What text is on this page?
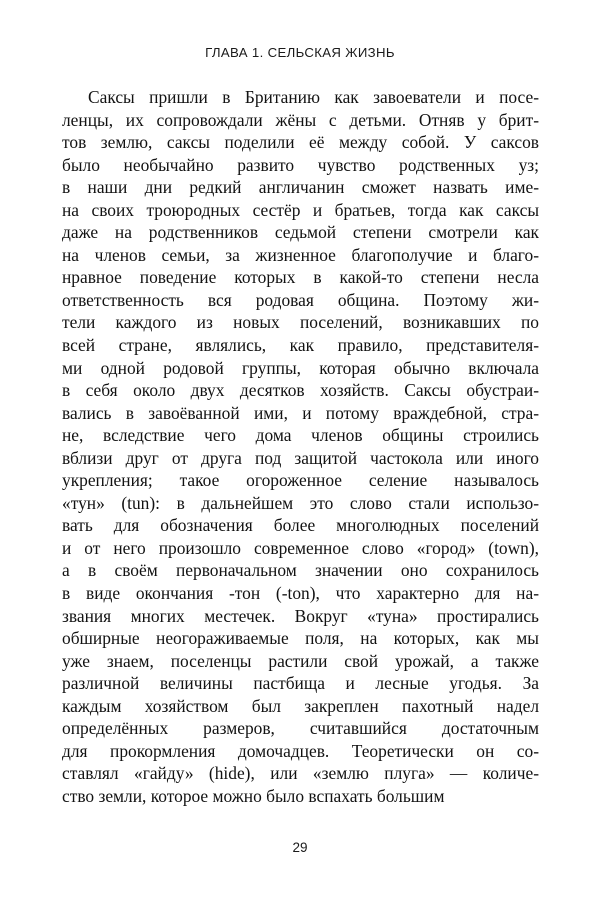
ГЛАВА 1. СЕЛЬСКАЯ ЖИЗНЬ
Саксы пришли в Британию как завоеватели и посе-
ленцы, их сопровождали жёны с детьми. Отняв у брит-
тов землю, саксы поделили её между собой. У саксов
было необычайно развито чувство родственных уз;
в наши дни редкий англичанин сможет назвать име-
на своих троюродных сестёр и братьев, тогда как саксы
даже на родственников седьмой степени смотрели как
на членов семьи, за жизненное благополучие и благо-
нравное поведение которых в какой-то степени несла
ответственность вся родовая община. Поэтому жи-
тели каждого из новых поселений, возникавших по
всей стране, являлись, как правило, представителя-
ми одной родовой группы, которая обычно включала
в себя около двух десятков хозяйств. Саксы обустраи-
вались в завоёванной ими, и потому враждебной, стра-
не, вследствие чего дома членов общины строились
вблизи друг от друга под защитой частокола или иного
укрепления; такое огороженное селение называлось
«тун» (tun): в дальнейшем это слово стали использо-
вать для обозначения более многолюдных поселений
и от него произошло современное слово «город» (town),
а в своём первоначальном значении оно сохранилось
в виде окончания -тон (-ton), что характерно для на-
звания многих местечек. Вокруг «туна» простирались
обширные неогораживаемые поля, на которых, как мы
уже знаем, поселенцы растили свой урожай, а также
различной величины пастбища и лесные угодья. За
каждым хозяйством был закреплен пахотный надел
определённых размеров, считавшийся достаточным
для прокормления домочадцев. Теоретически он со-
ставлял «гайду» (hide), или «землю плуга» — количе-
ство земли, которое можно было вспахать большим
29
